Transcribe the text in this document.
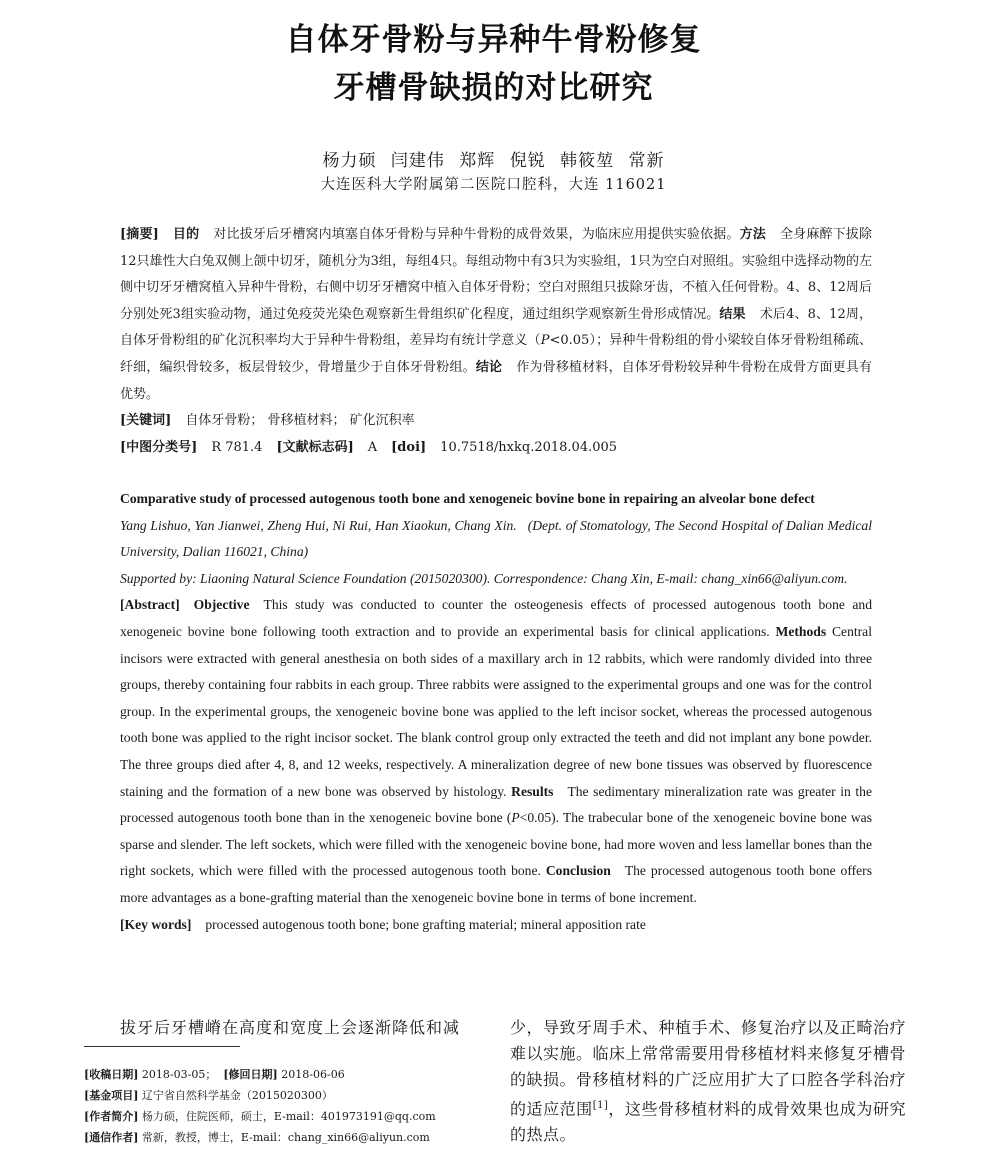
自体牙骨粉与异种牛骨粉修复
牙槽骨缺损的对比研究
杨力硕 闫建伟 郑辉 倪锐 韩筱堃 常新
大连医科大学附属第二医院口腔科，大连 116021

[摘要] 目的 对比拔牙后牙槽窝内填塞自体牙骨粉与异种牛骨粉的成骨效果，为临床应用提供实验依据。方法 全身麻醉下拔除12只雄性大白兔双侧上颌中切牙，随机分为3组，每组4只。每组动物中有3只为实验组，1只为空白对照组。实验组中选择动物的左侧中切牙牙槽窝植入异种牛骨粉，右侧中切牙牙槽窝中植入自体牙骨粉；空白对照组只拔除牙齿，不植入任何骨粉。4、8、12周后分别处死3组实验动物，通过免疫荧光染色观察新生骨组织矿化程度，通过组织学观察新生骨形成情况。结果 术后4、8、12周，自体牙骨粉组的矿化沉积率均大于异种牛骨粉组，差异均有统计学意义（P<0.05）；异种牛骨粉组的骨小梁较自体牙骨粉组稀疏、纤细，编织骨较多，板层骨较少，骨增量少于自体牙骨粉组。结论 作为骨移植材料，自体牙骨粉较异种牛骨粉在成骨方面更具有优势。

[关键词] 自体牙骨粉； 骨移植材料； 矿化沉积率

[中图分类号] R 781.4 [文献标志码] A [doi] 10.7518/hxkq.2018.04.005

Comparative study of processed autogenous tooth bone and xenogeneic bovine bone in repairing an alveolar bone defect

Yang Lishuo, Yan Jianwei, Zheng Hui, Ni Rui, Han Xiaokun, Chang Xin. (Dept. of Stomatology, The Second Hospital of Dalian Medical University, Dalian 116021, China)

Supported by: Liaoning Natural Science Foundation (2015020300). Correspondence: Chang Xin, E-mail: chang_xin66@aliyun.com.

[Abstract] Objective This study was conducted to counter the osteogenesis effects of processed autogenous tooth bone and xenogeneic bovine bone following tooth extraction and to provide an experimental basis for clinical applications. Methods Central incisors were extracted with general anesthesia on both sides of a maxillary arch in 12 rabbits, which were randomly divided into three groups, thereby containing four rabbits in each group. Three rabbits were assigned to the experimental groups and one was for the control group. In the experimental groups, the xenogeneic bovine bone was applied to the left incisor socket, whereas the processed autogenous tooth bone was applied to the right incisor socket. The blank control group only extracted the teeth and did not implant any bone powder. The three groups died after 4, 8, and 12 weeks, respectively. A mineralization degree of new bone tissues was observed by fluorescence staining and the formation of a new bone was observed by histology. Results The sedimentary mineralization rate was greater in the processed autogenous tooth bone than in the xenogeneic bovine bone (P<0.05). The trabecular bone of the xenogeneic bovine bone was sparse and slender. The left sockets, which were filled with the xenogeneic bovine bone, had more woven and less lamellar bones than the right sockets, which were filled with the processed autogenous tooth bone. Conclusion The processed autogenous tooth bone offers more advantages as a bone-grafting material than the xenogeneic bovine bone in terms of bone increment.

[Key words] processed autogenous tooth bone; bone grafting material; mineral apposition rate

拔牙后牙槽嵴在高度和宽度上会逐渐降低和减

[收稿日期] 2018-03-05； [修回日期] 2018-06-06

[基金项目] 辽宁省自然科学基金（2015020300）

[作者简介] 杨力硕，住院医师，硕士，E-mail：401973191@qq.com

[通信作者] 常新，教授，博士，E-mail：chang_xin66@aliyun.com

少，导致牙周手术、种植手术、修复治疗以及正畸治疗难以实施。临床上常常需要用骨移植材料来修复牙槽骨的缺损。骨移植材料的广泛应用扩大了口腔各学科治疗的适应范围[1]，这些骨移植材料的成骨效果也成为研究的热点。
